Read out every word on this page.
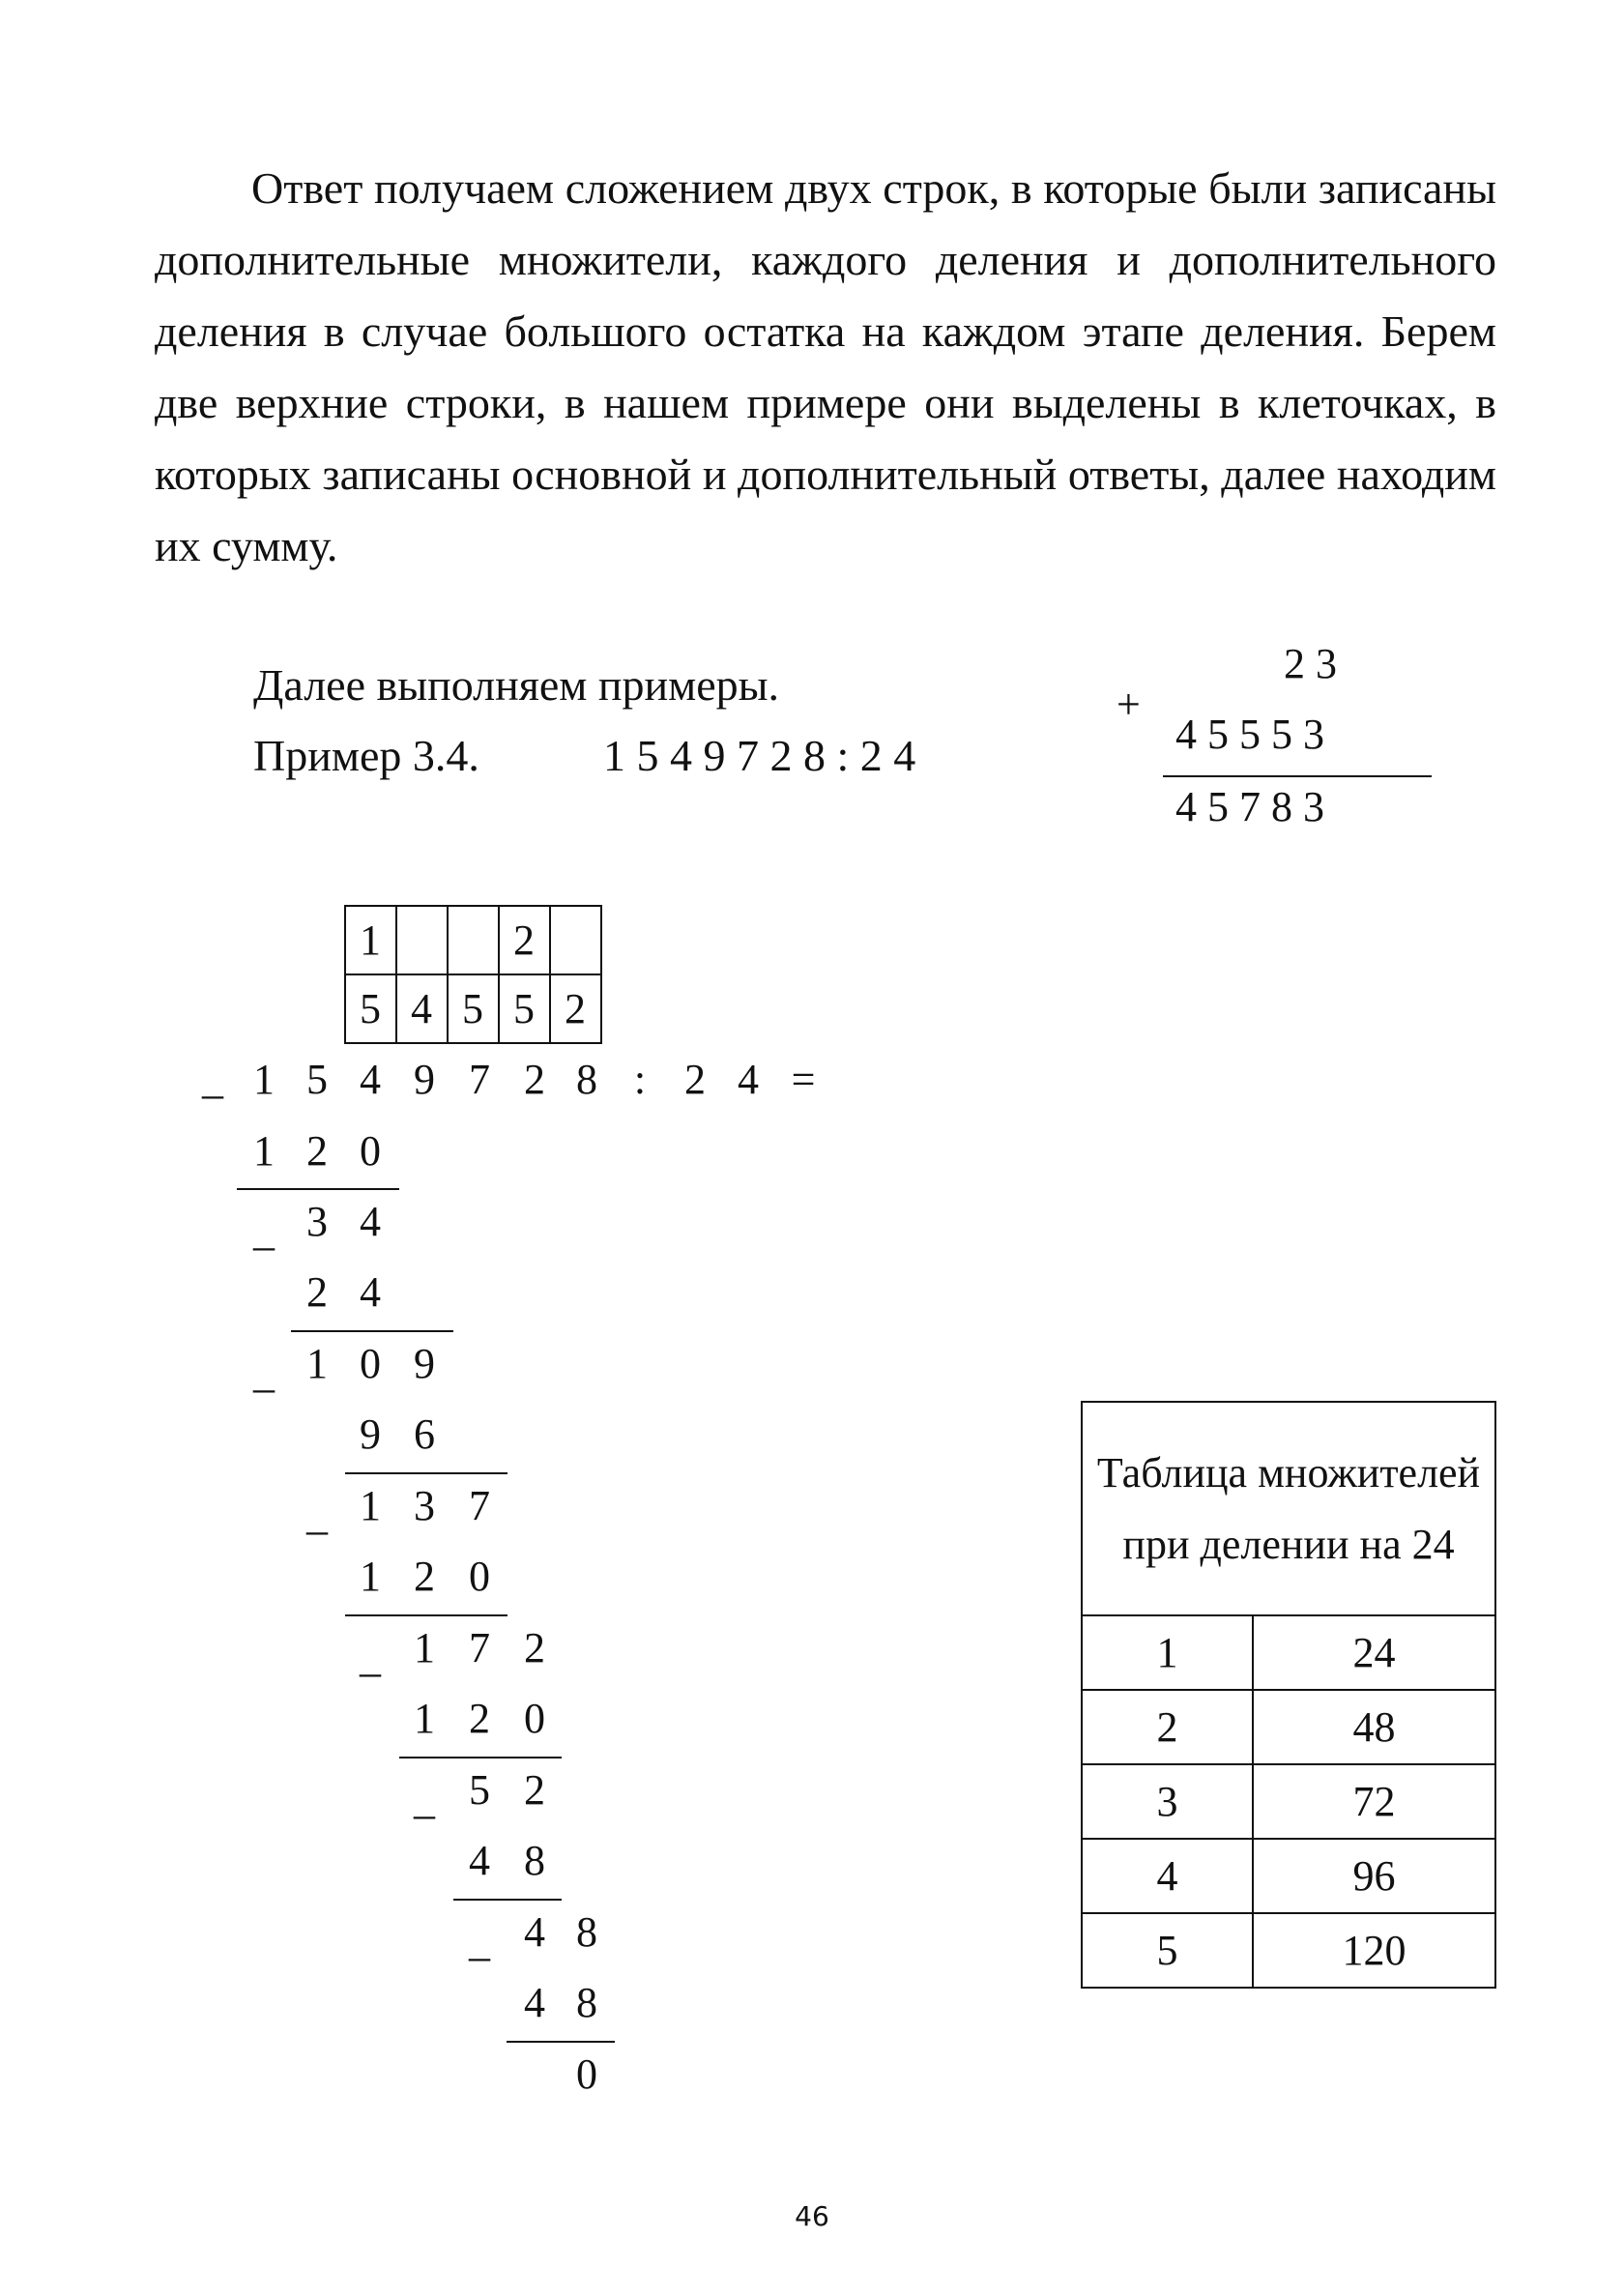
Ответ получаем сложением двух строк, в которые были записаны дополнительные множители, каждого деления и дополнительного деления в случае большого остатка на каждом этапе деления. Берем две верхние строки, в нашем примере они выделены в клеточках, в которых записаны основной и дополнительный ответы, далее находим их сумму.

Далее выполняем примеры.
Пример 3.4.	1 5 4 9 7 2 8 : 2 4
+
2 3
4 5 5 5 3
4 5 7 8 3
1			2	
5	4	5	5	2
_ 1 5 4 9 7 2 8 : 2 4 =
1 2 0
_ 3 4
2 4
_ 1 0 9
9 6
_ 1 3 7
1 2 0
_ 1 7 2
1 2 0
_ 5 2
4 8
_ 4 8
4 8
0
Таблица множителей при делении на 24	
1	24
2	48
3	72
4	96
5	120
46
